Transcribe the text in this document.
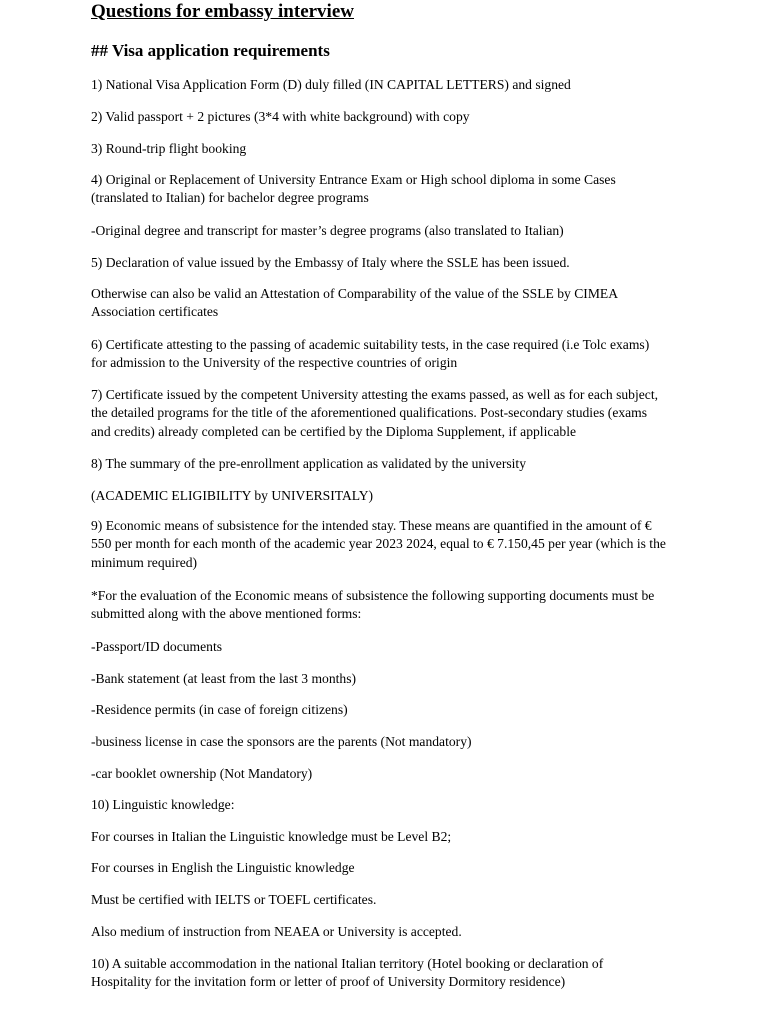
Questions for embassy interview
## Visa application requirements
1) National Visa Application Form (D) duly filled (IN CAPITAL LETTERS) and signed
2) Valid passport + 2 pictures (3*4 with white background) with copy
3) Round-trip flight booking
4) Original or Replacement of University Entrance Exam or High school diploma in some Cases
(translated to Italian) for bachelor degree programs
-Original degree and transcript for master’s degree programs (also translated to Italian)
5) Declaration of value issued by the Embassy of Italy where the SSLE has been issued.
Otherwise can also be valid an Attestation of Comparability of the value of the SSLE by CIMEA
Association certificates
6) Certificate attesting to the passing of academic suitability tests, in the case required (i.e Tolc exams)
for admission to the University of the respective countries of origin
7) Certificate issued by the competent University attesting the exams passed, as well as for each subject,
the detailed programs for the title of the aforementioned qualifications. Post-secondary studies (exams
and credits) already completed can be certified by the Diploma Supplement, if applicable
8) The summary of the pre-enrollment application as validated by the university
(ACADEMIC ELIGIBILITY by UNIVERSITALY)
9) Economic means of subsistence for the intended stay. These means are quantified in the amount of €
550 per month for each month of the academic year 2023 2024, equal to € 7.150,45 per year (which is the
minimum required)
*For the evaluation of the Economic means of subsistence the following supporting documents must be
submitted along with the above mentioned forms:
-Passport/ID documents
-Bank statement (at least from the last 3 months)
-Residence permits (in case of foreign citizens)
-business license in case the sponsors are the parents (Not mandatory)
-car booklet ownership (Not Mandatory)
10) Linguistic knowledge:
For courses in Italian the Linguistic knowledge must be Level B2;
For courses in English the Linguistic knowledge
Must be certified with IELTS or TOEFL certificates.
Also medium of instruction from NEAEA or University is accepted.
10) A suitable accommodation in the national Italian territory (Hotel booking or declaration of
Hospitality for the invitation form or letter of proof of University Dormitory residence)
